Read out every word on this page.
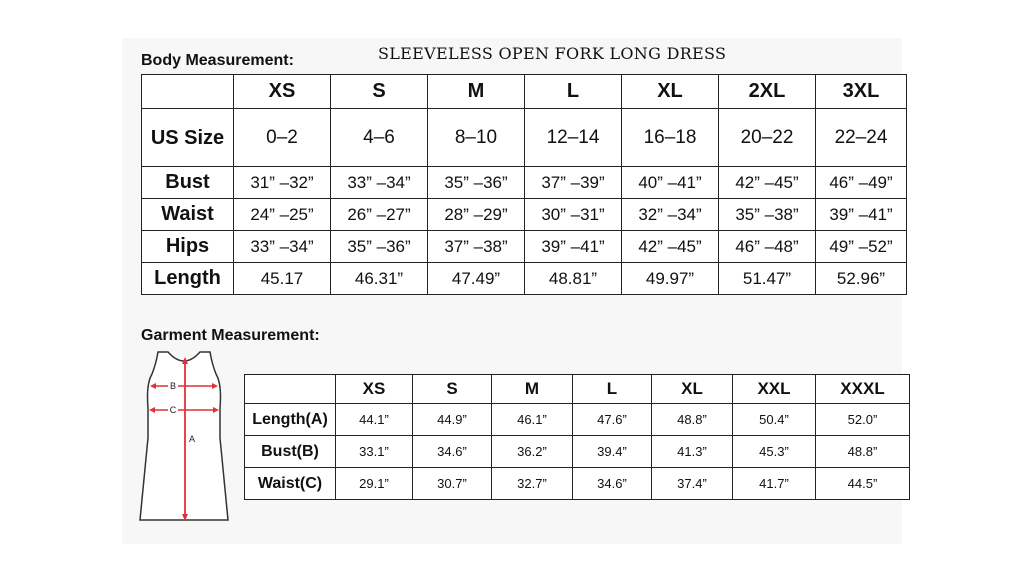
Body Measurement:	SLEEVELESS OPEN FORK LONG DRESS
	XS	S	M	L	XL	2XL	3XL
US Size	0–2	4–6	8–10	12–14	16–18	20–22	22–24
Bust	31” –32”	33” –34”	35” –36”	37” –39”	40” –41”	42” –45”	46” –49”
Waist	24” –25”	26” –27”	28” –29”	30” –31”	32” –34”	35” –38”	39” –41”
Hips	33” –34”	35” –36”	37” –38”	39” –41”	42” –45”	46” –48”	49” –52”
Length	45.17	46.31”	47.49”	48.81”	49.97”	51.47”	52.96”
Garment Measurement:
B
C
A
	XS	S	M	L	XL	XXL	XXXL
Length(A)	44.1”	44.9”	46.1”	47.6”	48.8”	50.4”	52.0”
Bust(B)	33.1”	34.6”	36.2”	39.4”	41.3”	45.3”	48.8”
Waist(C)	29.1”	30.7”	32.7”	34.6”	37.4”	41.7”	44.5”
